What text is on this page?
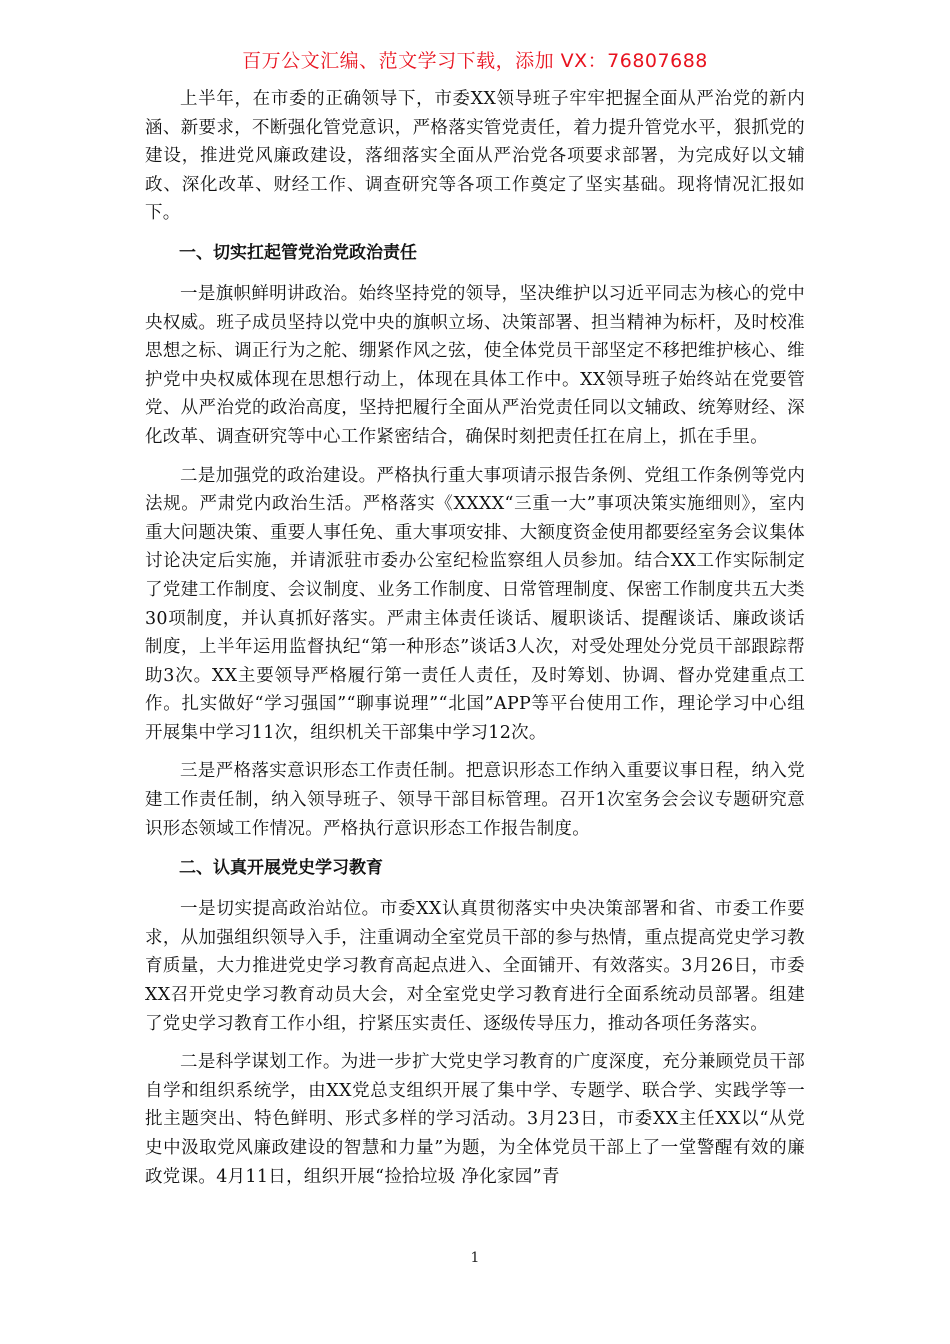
百万公文汇编、范文学习下载，添加 VX：76807688

上半年，在市委的正确领导下，市委XX领导班子牢牢把握全面从严治党的新内涵、新要求，不断强化管党意识，严格落实管党责任，着力提升管党水平，狠抓党的建设，推进党风廉政建设，落细落实全面从严治党各项要求部署，为完成好以文辅政、深化改革、财经工作、调查研究等各项工作奠定了坚实基础。现将情况汇报如下。

一、切实扛起管党治党政治责任

一是旗帜鲜明讲政治。始终坚持党的领导，坚决维护以习近平同志为核心的党中央权威。班子成员坚持以党中央的旗帜立场、决策部署、担当精神为标杆，及时校准思想之标、调正行为之舵、绷紧作风之弦，使全体党员干部坚定不移把维护核心、维护党中央权威体现在思想行动上，体现在具体工作中。XX领导班子始终站在党要管党、从严治党的政治高度，坚持把履行全面从严治党责任同以文辅政、统筹财经、深化改革、调查研究等中心工作紧密结合，确保时刻把责任扛在肩上，抓在手里。

二是加强党的政治建设。严格执行重大事项请示报告条例、党组工作条例等党内法规。严肃党内政治生活。严格落实《XXXX“三重一大”事项决策实施细则》，室内重大问题决策、重要人事任免、重大事项安排、大额度资金使用都要经室务会议集体讨论决定后实施，并请派驻市委办公室纪检监察组人员参加。结合XX工作实际制定了党建工作制度、会议制度、业务工作制度、日常管理制度、保密工作制度共五大类30项制度，并认真抓好落实。严肃主体责任谈话、履职谈话、提醒谈话、廉政谈话制度，上半年运用监督执纪“第一种形态”谈话3人次，对受处理处分党员干部跟踪帮助3次。XX主要领导严格履行第一责任人责任，及时筹划、协调、督办党建重点工作。扎实做好“学习强国”“聊事说理”“北国”APP等平台使用工作，理论学习中心组开展集中学习11次，组织机关干部集中学习12次。

三是严格落实意识形态工作责任制。把意识形态工作纳入重要议事日程，纳入党建工作责任制，纳入领导班子、领导干部目标管理。召开1次室务会会议专题研究意识形态领域工作情况。严格执行意识形态工作报告制度。

二、认真开展党史学习教育

一是切实提高政治站位。市委XX认真贯彻落实中央决策部署和省、市委工作要求，从加强组织领导入手，注重调动全室党员干部的参与热情，重点提高党史学习教育质量，大力推进党史学习教育高起点进入、全面铺开、有效落实。3月26日，市委XX召开党史学习教育动员大会，对全室党史学习教育进行全面系统动员部署。组建了党史学习教育工作小组，拧紧压实责任、逐级传导压力，推动各项任务落实。

二是科学谋划工作。为进一步扩大党史学习教育的广度深度，充分兼顾党员干部自学和组织系统学，由XX党总支组织开展了集中学、专题学、联合学、实践学等一批主题突出、特色鲜明、形式多样的学习活动。3月23日，市委XX主任XX以“从党史中汲取党风廉政建设的智慧和力量”为题，为全体党员干部上了一堂警醒有效的廉政党课。4月11日，组织开展“捡拾垃圾 净化家园”青

1
